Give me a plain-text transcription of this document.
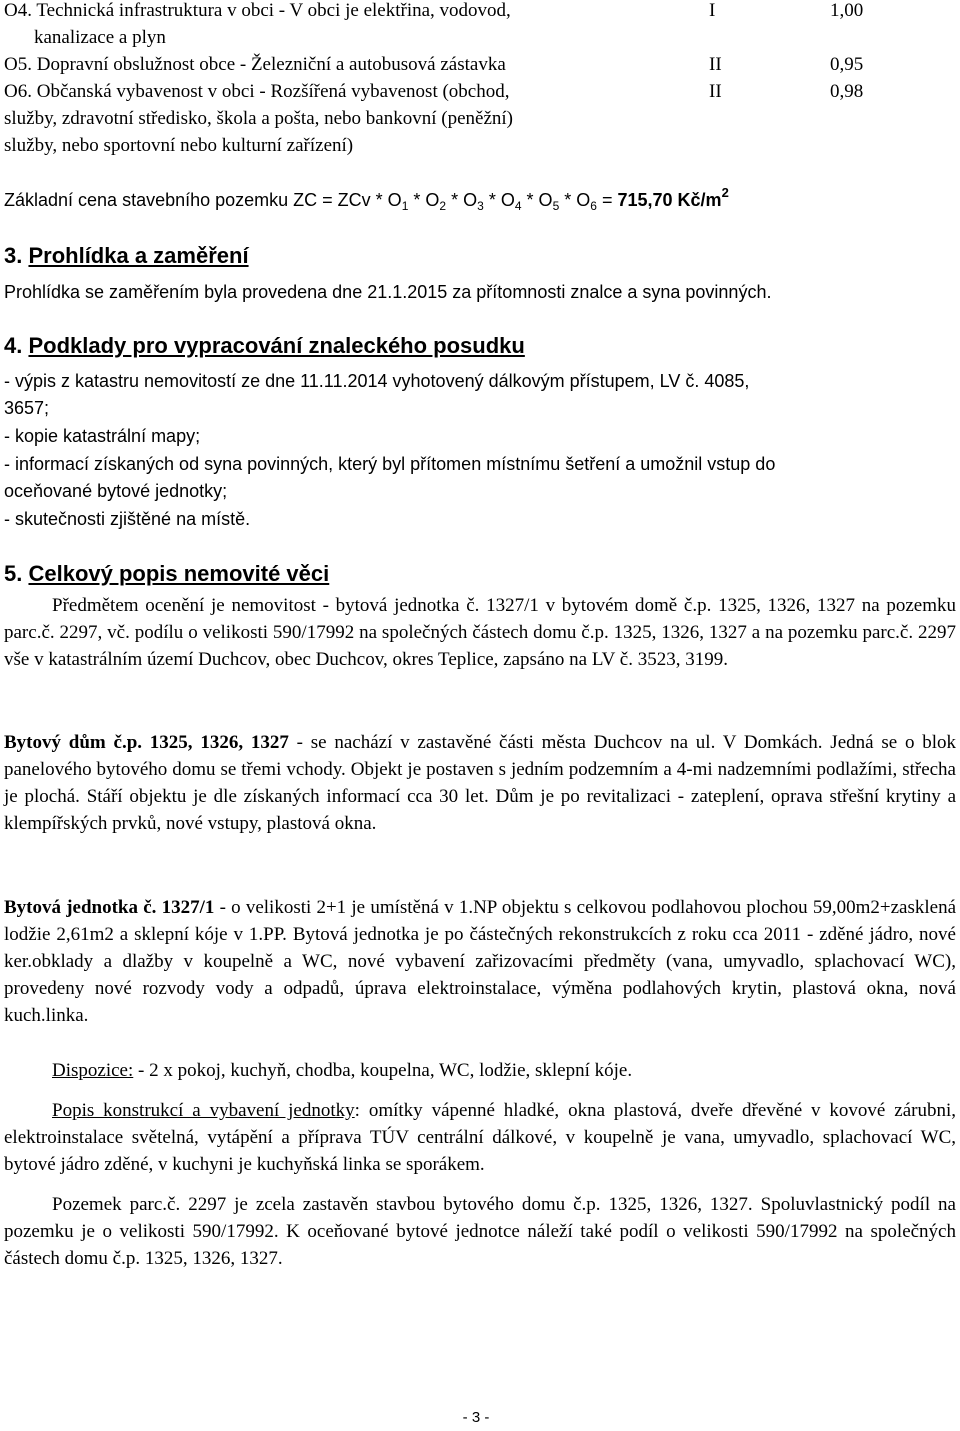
O4. Technická infrastruktura v obci - V obci je elektřina, vodovod,	I	1,00
kanalizace a plyn
O5. Dopravní obslužnost obce - Železniční a autobusová zástavka	II	0,95
O6. Občanská vybavenost v obci - Rozšířená vybavenost (obchod,	II	0,98
služby, zdravotní středisko, škola a pošta, nebo bankovní (peněžní)
služby, nebo sportovní nebo kulturní zařízení)
Základní cena stavebního pozemku ZC = ZCv * $O_1 * O_2 * O_3 * O_4 * O_5 * O_6 = 715,70$ $Kč/m^2$
3. Prohlídka a zaměření
Prohlídka se zaměřením byla provedena dne 21.1.2015 za přítomnosti znalce a syna povinných.
4. Podklady pro vypracování znaleckého posudku
- výpis z katastru nemovitostí ze dne 11.11.2014 vyhotovený dálkovým přístupem, LV č. 4085,
3657;
- kopie katastrální mapy;
- informací získaných od syna povinných, který byl přítomen místnímu šetření a umožnil vstup do
oceňované bytové jednotky;
- skutečnosti zjištěné na místě.
5. Celkový popis nemovité věci
Předmětem ocenění je nemovitost - bytová jednotka č. 1327/1 v bytovém domě č.p. 1325, 1326, 1327 na pozemku parc.č. 2297, vč. podílu o velikosti 590/17992 na společných částech domu č.p. 1325, 1326, 1327 a na pozemku parc.č. 2297 vše v katastrálním území Duchcov, obec Duchcov, okres Teplice, zapsáno na LV č. 3523, 3199.
Bytový dům č.p. 1325, 1326, 1327 - se nachází v zastavěné části města Duchcov na ul. V Domkách. Jedná se o blok panelového bytového domu se třemi vchody. Objekt je postaven s jedním podzemním a 4-mi nadzemními podlažími, střecha je plochá. Stáří objektu je dle získaných informací cca 30 let. Dům je po revitalizaci - zateplení, oprava střešní krytiny a klempířských prvků, nové vstupy, plastová okna.
Bytová jednotka č. 1327/1 - o velikosti 2+1 je umístěná v 1.NP objektu s celkovou podlahovou plochou 59,00m2+zasklená lodžie 2,61m2 a sklepní kóje v 1.PP. Bytová jednotka je po částečných rekonstrukcích z roku cca 2011 - zděné jádro, nové ker.obklady a dlažby v koupelně a WC, nové vybavení zařizovacími předměty (vana, umyvadlo, splachovací WC), provedeny nové rozvody vody a odpadů, úprava elektroinstalace, výměna podlahových krytin, plastová okna, nová kuch.linka.
Dispozice: - 2 x pokoj, kuchyň, chodba, koupelna, WC, lodžie, sklepní kóje.
Popis konstrukcí a vybavení jednotky: omítky vápenné hladké, okna plastová, dveře dřevěné v kovové zárubni, elektroinstalace světelná, vytápění a příprava TÚV centrální dálkové, v koupelně je vana, umyvadlo, splachovací WC, bytové jádro zděné, v kuchyni je kuchyňská linka se sporákem.
Pozemek parc.č. 2297 je zcela zastavěn stavbou bytového domu č.p. 1325, 1326, 1327. Spoluvlastnický podíl na pozemku je o velikosti 590/17992. K oceňované bytové jednotce náleží také podíl o velikosti 590/17992 na společných částech domu č.p. 1325, 1326, 1327.
- 3 -
